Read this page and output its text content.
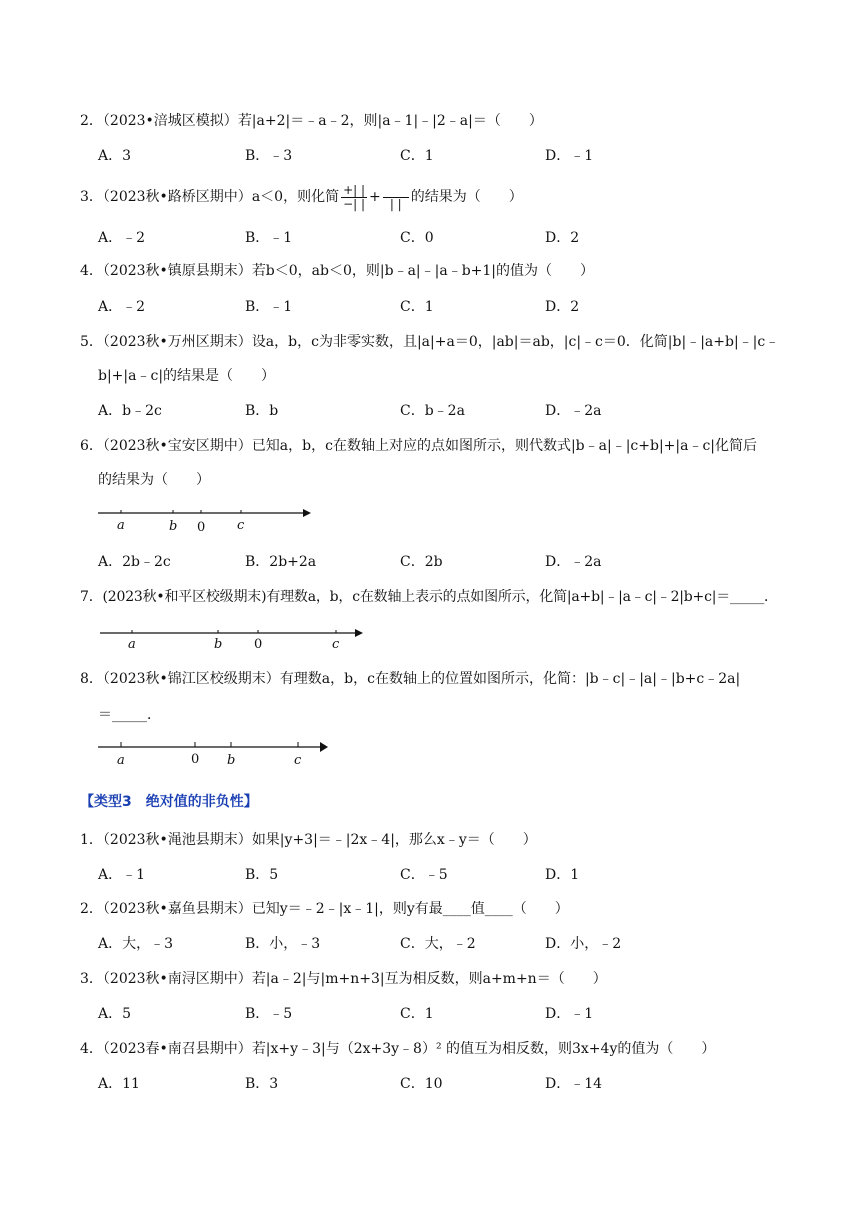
2．（2023•涪城区模拟）若|a+2|＝﹣a﹣2，则|a﹣1|﹣|2﹣a|＝（　　）
A．3	B．﹣3	C．1	D．﹣1
3．（2023秋•路桥区期中）a＜0，则化简 $\frac{+| |}{-| |}$ +
| | 的结果为（　　）
A．﹣2	B．﹣1	C．0	D．2
4．（2023秋•镇原县期末）若b＜0，ab＜0，则|b﹣a|﹣|a﹣b+1|的值为（　　）
A．﹣2	B．﹣1	C．1	D．2
5．（2023秋•万州区期末）设a，b，c为非零实数，且|a|+a＝0，|ab|＝ab，|c|﹣c＝0．化简|b|﹣|a+b|﹣|c﹣
b|+|a﹣c|的结果是（　　）
A．b﹣2c	B．b	C．b﹣2a	D．﹣2a
6．（2023秋•宝安区期中）已知a，b，c在数轴上对应的点如图所示，则代数式|b﹣a|﹣|c+b|+|a﹣c|化简后
的结果为（　　）
a	b 0 c
A．2b﹣2c	B．2b+2a	C．2b	D．﹣2a
7．(2023秋•和平区校级期末)有理数a，b，c在数轴上表示的点如图所示，化简|a+b|﹣|a﹣c|﹣2|b+c|＝_____．
a	b 0	c
8．（2023秋•锦江区校级期末）有理数a，b，c在数轴上的位置如图所示，化简：|b﹣c|﹣|a|﹣|b+c﹣2a|
＝_____．
a	0 b	c
【类型3　绝对值的非负性】
1．（2023秋•渑池县期末）如果|y+3|＝﹣|2x﹣4|，那么x﹣y＝（　　）
A．﹣1	B．5	C．﹣5	D．1
2．（2023秋•嘉鱼县期末）已知y＝﹣2﹣|x﹣1|，则y有最____值____（　　）
A．大，﹣3	B．小，﹣3	C．大，﹣2	D．小，﹣2
3．（2023秋•南浔区期中）若|a﹣2|与|m+n+3|互为相反数，则a+m+n＝（　　）
A．5	B．﹣5	C．1	D．﹣1
4．（2023春•南召县期中）若|x+y﹣3|与（2x+3y﹣8）² 的值互为相反数，则3x+4y的值为（　　）
A．11	B．3	C．10	D．﹣14
